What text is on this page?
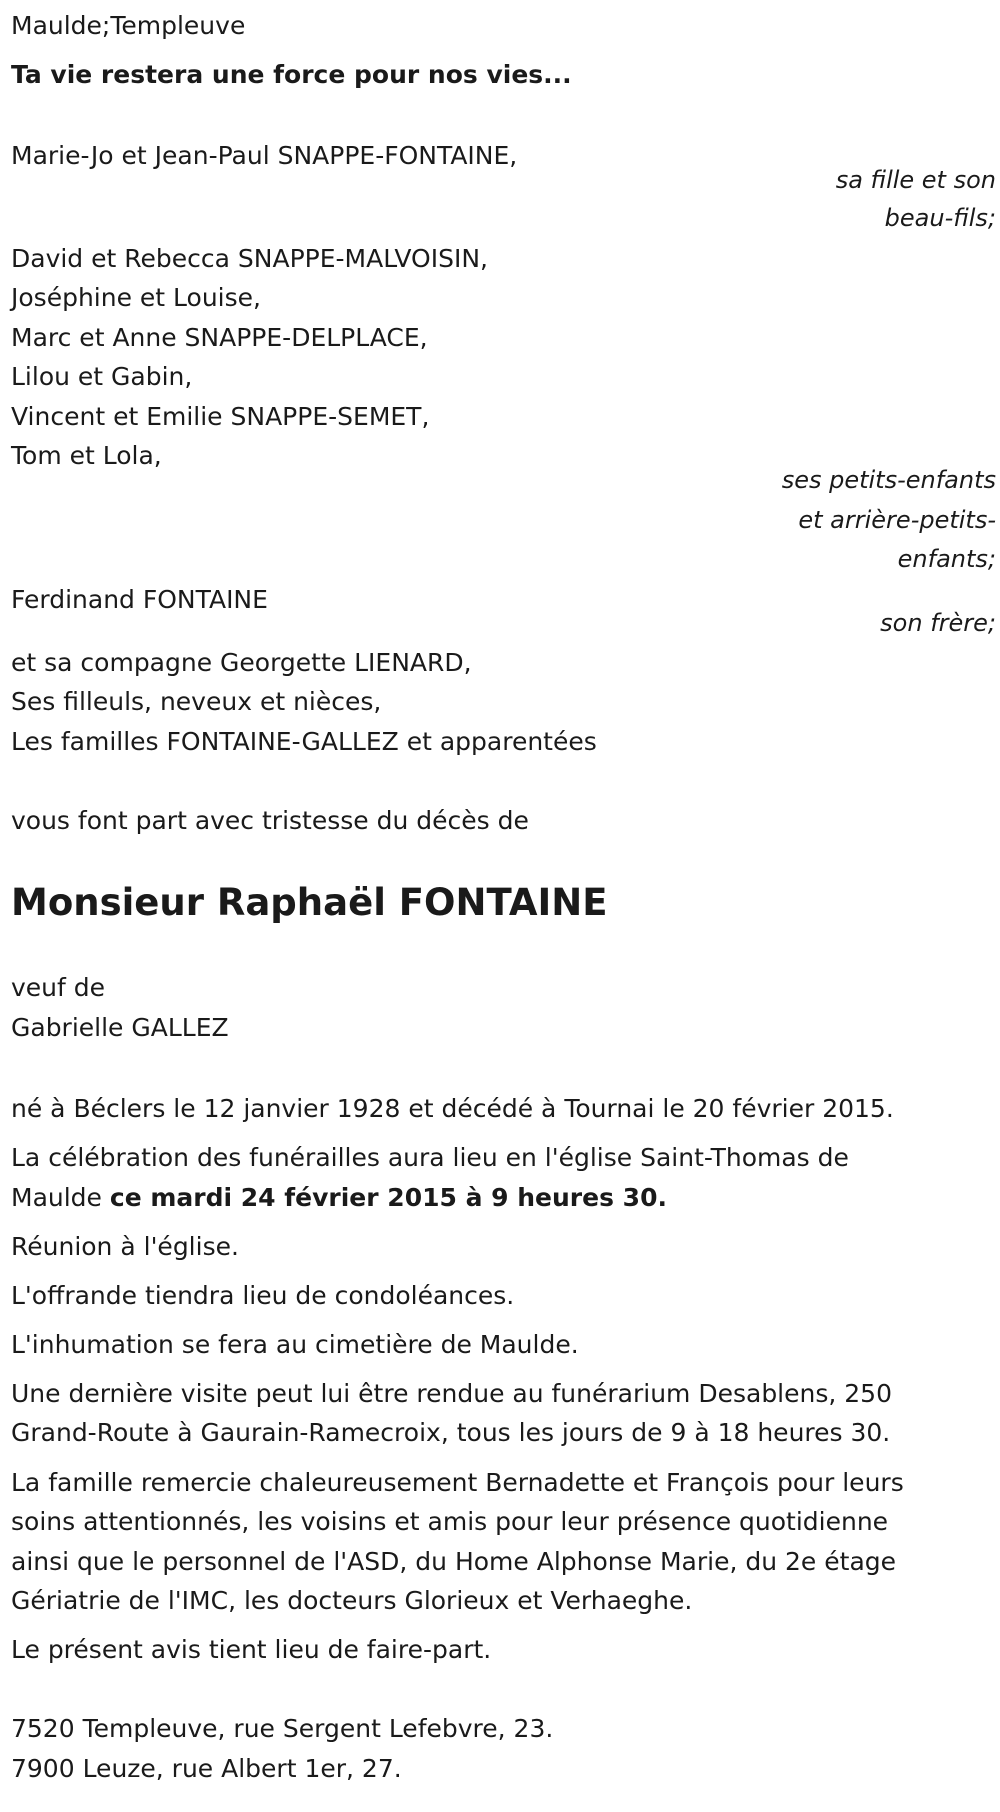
Maulde;Templeuve
Ta vie restera une force pour nos vies...
Marie-Jo et Jean-Paul SNAPPE-FONTAINE,
sa fille et son
beau-fils;
David et Rebecca SNAPPE-MALVOISIN,
Joséphine et Louise,
Marc et Anne SNAPPE-DELPLACE,
Lilou et Gabin,
Vincent et Emilie SNAPPE-SEMET,
Tom et Lola,
ses petits-enfants
et arrière-petits-
enfants;
Ferdinand FONTAINE
son frère;
et sa compagne Georgette LIENARD,
Ses filleuls, neveux et nièces,
Les familles FONTAINE-GALLEZ et apparentées
vous font part avec tristesse du décès de
Monsieur Raphaël FONTAINE
veuf de
Gabrielle GALLEZ
né à Béclers le 12 janvier 1928 et décédé à Tournai le 20 février 2015.
La célébration des funérailles aura lieu en l'église Saint-Thomas de
Maulde ce mardi 24 février 2015 à 9 heures 30.
Réunion à l'église.
L'offrande tiendra lieu de condoléances.
L'inhumation se fera au cimetière de Maulde.
Une dernière visite peut lui être rendue au funérarium Desablens, 250
Grand-Route à Gaurain-Ramecroix, tous les jours de 9 à 18 heures 30.
La famille remercie chaleureusement Bernadette et François pour leurs
soins attentionnés, les voisins et amis pour leur présence quotidienne
ainsi que le personnel de l'ASD, du Home Alphonse Marie, du 2e étage
Gériatrie de l'IMC, les docteurs Glorieux et Verhaeghe.
Le présent avis tient lieu de faire-part.
7520 Templeuve, rue Sergent Lefebvre, 23.
7900 Leuze, rue Albert 1er, 27.
